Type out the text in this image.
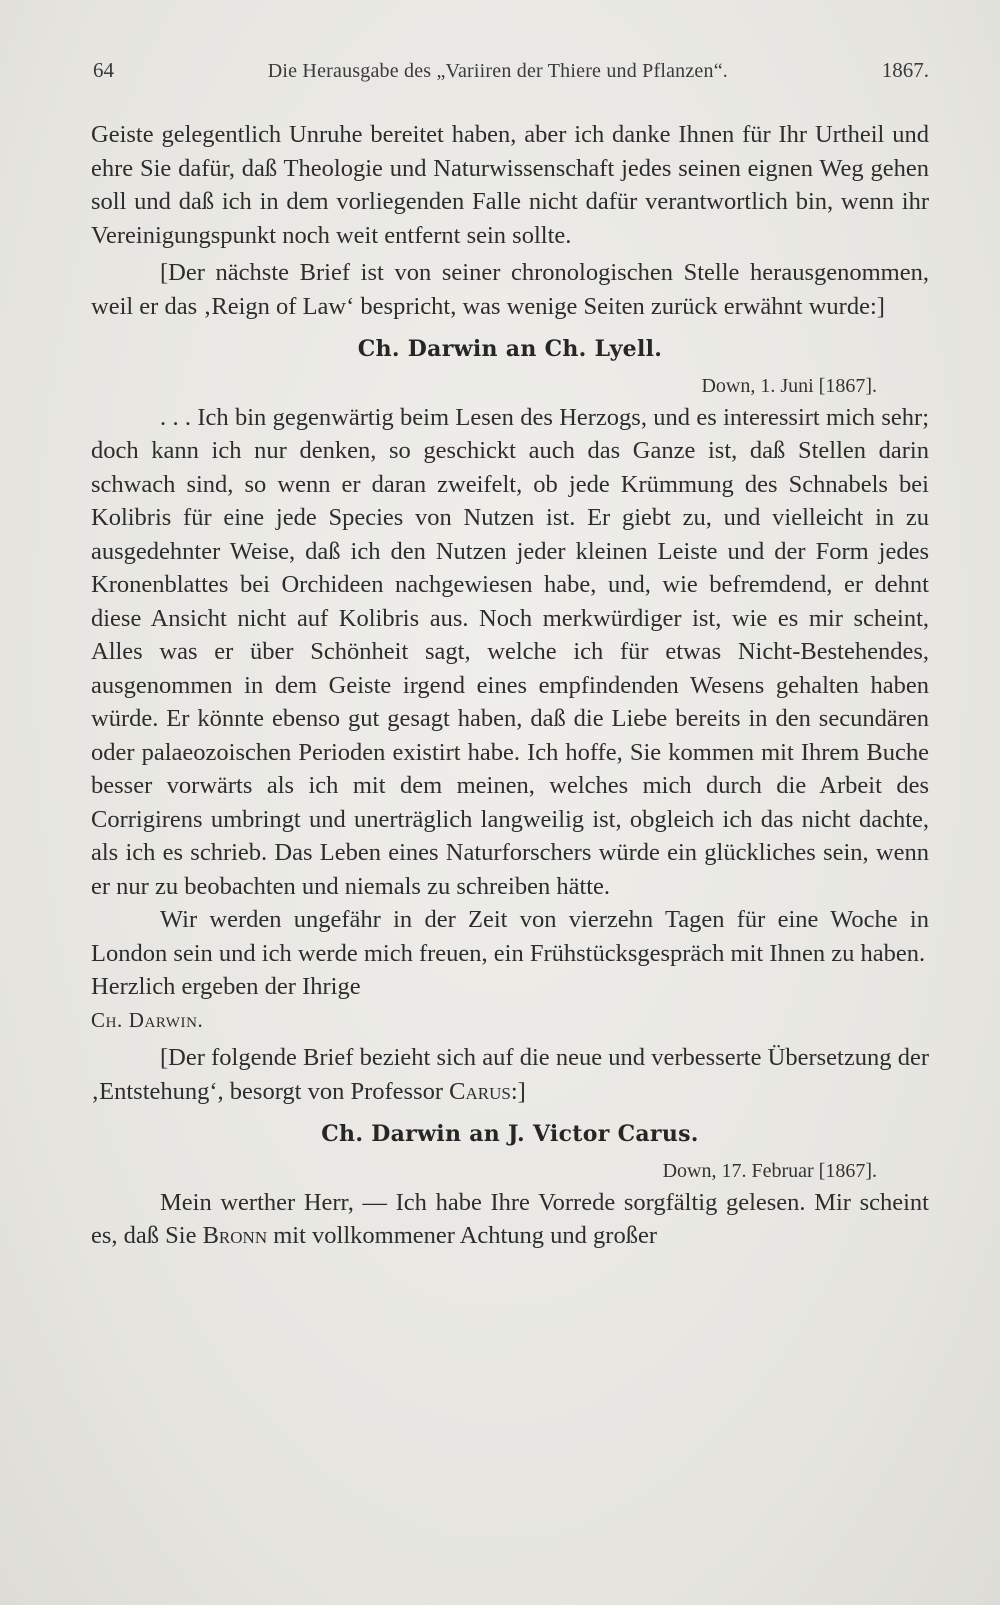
64	Die Herausgabe des „Variiren der Thiere und Pflanzen“.	1867.

Geiste gelegentlich Unruhe bereitet haben, aber ich danke Ihnen für Ihr Urtheil und ehre Sie dafür, daß Theologie und Naturwissenschaft jedes seinen eignen Weg gehen soll und daß ich in dem vorliegenden Falle nicht dafür verantwortlich bin, wenn ihr Vereinigungspunkt noch weit entfernt sein sollte.

[Der nächste Brief ist von seiner chronologischen Stelle herausgenommen, weil er das ‚Reign of Law‘ bespricht, was wenige Seiten zurück erwähnt wurde:]

Ch. Darwin an Ch. Lyell.
Down, 1. Juni [1867].

. . . Ich bin gegenwärtig beim Lesen des Herzogs, und es interessirt mich sehr; doch kann ich nur denken, so geschickt auch das Ganze ist, daß Stellen darin schwach sind, so wenn er daran zweifelt, ob jede Krümmung des Schnabels bei Kolibris für eine jede Species von Nutzen ist. Er giebt zu, und vielleicht in zu ausgedehnter Weise, daß ich den Nutzen jeder kleinen Leiste und der Form jedes Kronenblattes bei Orchideen nachgewiesen habe, und, wie befremdend, er dehnt diese Ansicht nicht auf Kolibris aus. Noch merkwürdiger ist, wie es mir scheint, Alles was er über Schönheit sagt, welche ich für etwas Nicht-Bestehendes, ausgenommen in dem Geiste irgend eines empfindenden Wesens gehalten haben würde. Er könnte ebenso gut gesagt haben, daß die Liebe bereits in den secundären oder palaeozoischen Perioden existirt habe. Ich hoffe, Sie kommen mit Ihrem Buche besser vorwärts als ich mit dem meinen, welches mich durch die Arbeit des Corrigirens umbringt und unerträglich langweilig ist, obgleich ich das nicht dachte, als ich es schrieb. Das Leben eines Naturforschers würde ein glückliches sein, wenn er nur zu beobachten und niemals zu schreiben hätte.

Wir werden ungefähr in der Zeit von vierzehn Tagen für eine Woche in London sein und ich werde mich freuen, ein Frühstücksgespräch mit Ihnen zu haben.

Herzlich ergeben der Ihrige

Ch. Darwin.

[Der folgende Brief bezieht sich auf die neue und verbesserte Übersetzung der ‚Entstehung‘, besorgt von Professor Carus:]

Ch. Darwin an J. Victor Carus.
Down, 17. Februar [1867].

Mein werther Herr, — Ich habe Ihre Vorrede sorgfältig gelesen. Mir scheint es, daß Sie Bronn mit vollkommener Achtung und großer
